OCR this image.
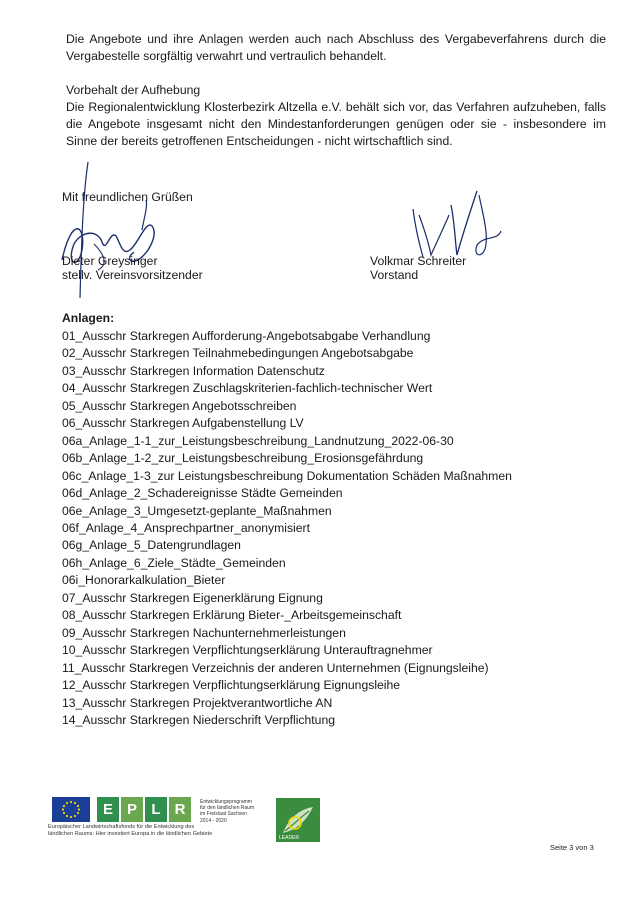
Die Angebote und ihre Anlagen werden auch nach Abschluss des Vergabeverfahrens durch die Vergabestelle sorgfältig verwahrt und vertraulich behandelt.
Vorbehalt der Aufhebung
Die Regionalentwicklung Klosterbezirk Altzella e.V. behält sich vor, das Verfahren aufzuheben, falls die Angebote insgesamt nicht den Mindestanforderungen genügen oder sie - insbesondere im Sinne der bereits getroffenen Entscheidungen - nicht wirtschaftlich sind.
Mit freundlichen Grüßen
Dieter Greysinger
stellv. Vereinsvorsitzender
Volkmar Schreiter
Vorstand
Anlagen:
01_Ausschr Starkregen Aufforderung-Angebotsabgabe Verhandlung
02_Ausschr Starkregen Teilnahmebedingungen Angebotsabgabe
03_Ausschr Starkregen Information Datenschutz
04_Ausschr Starkregen Zuschlagskriterien-fachlich-technischer Wert
05_Ausschr Starkregen Angebotsschreiben
06_Ausschr Starkregen Aufgabenstellung LV
06a_Anlage_1-1_zur_Leistungsbeschreibung_Landnutzung_2022-06-30
06b_Anlage_1-2_zur_Leistungsbeschreibung_Erosionsgefährdung
06c_Anlage_1-3_zur Leistungsbeschreibung Dokumentation Schäden Maßnahmen
06d_Anlage_2_Schadereignisse Städte Gemeinden
06e_Anlage_3_Umgesetzt-geplante_Maßnahmen
06f_Anlage_4_Ansprechpartner_anonymisiert
06g_Anlage_5_Datengrundlagen
06h_Anlage_6_Ziele_Städte_Gemeinden
06i_Honorarkalkulation_Bieter
07_Ausschr Starkregen Eigenerklärung Eignung
08_Ausschr Starkregen Erklärung Bieter-_Arbeitsgemeinschaft
09_Ausschr Starkregen Nachunternehmerleistungen
10_Ausschr Starkregen Verpflichtungserklärung Unterauftragnehmer
11_Ausschr Starkregen Verzeichnis der anderen Unternehmen (Eignungsleihe)
12_Ausschr Starkregen Verpflichtungserklärung Eignungsleihe
13_Ausschr Starkregen Projektverantwortliche AN
14_Ausschr Starkregen Niederschrift Verpflichtung
E P L R	Entwicklungsprogramm
für den ländlichen Raum
im Freistaat Sachsen
2014 - 2020
LEADER
Europäischer Landwirtschaftsfonds für die Entwicklung des
ländlichen Raums: Hier investiert Europa in die ländlichen Gebiete
Seite 3 von 3
